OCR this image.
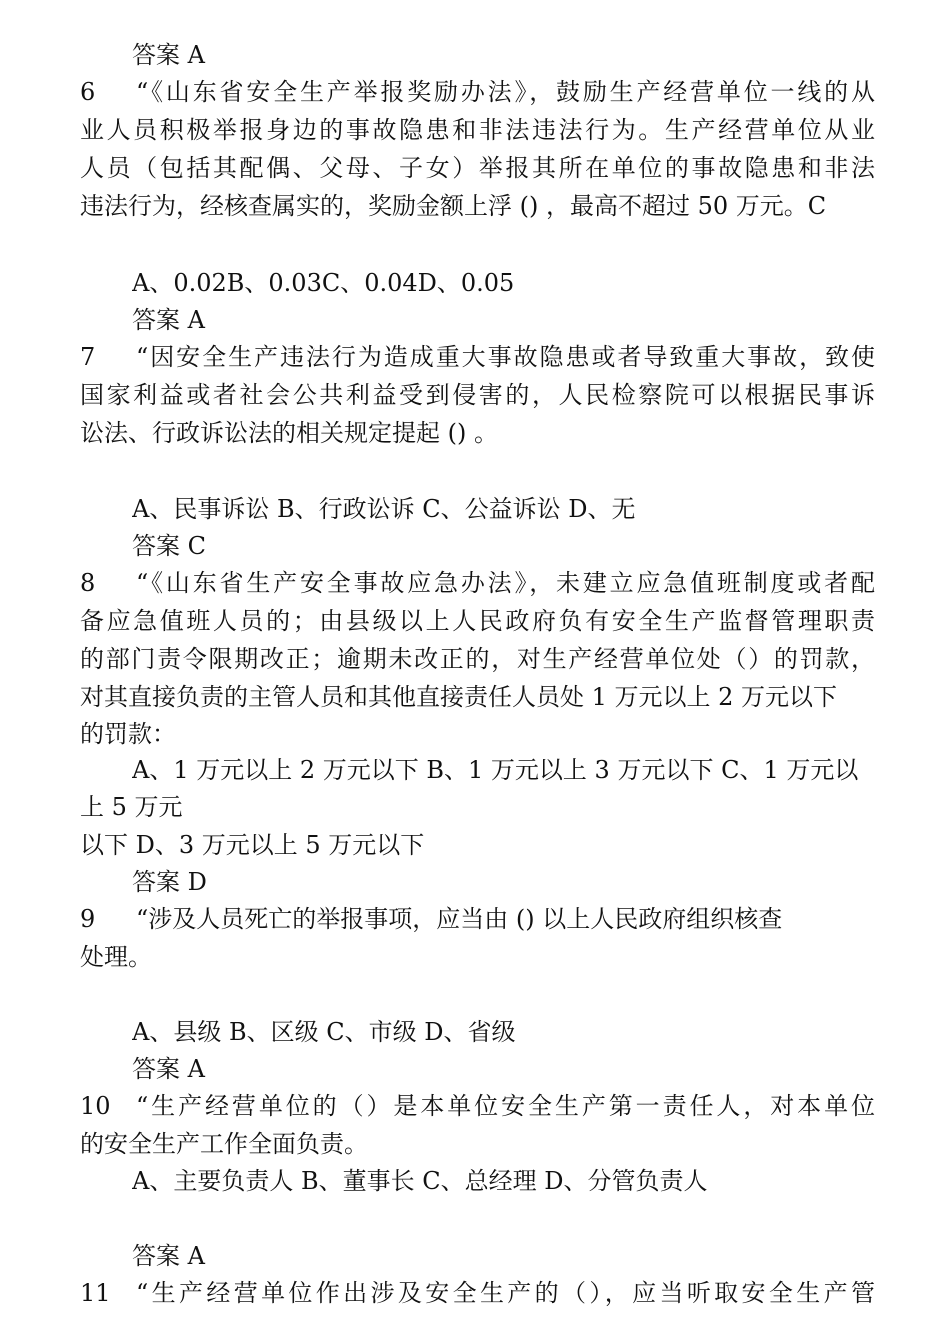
答案 A
6 “《山东省安全生产举报奖励办法》，鼓励生产经营单位一线的从
业人员积极举报身边的事故隐患和非法违法行为。生产经营单位从业
人员（包括其配偶、父母、子女）举报其所在单位的事故隐患和非法
违法行为，经核查属实的，奖励金额上浮 () ，最高不超过 50 万元。C
A、0.02B、0.03C、0.04D、0.05
答案 A
7 “因安全生产违法行为造成重大事故隐患或者导致重大事故，致使
国家利益或者社会公共利益受到侵害的，人民检察院可以根据民事诉
讼法、行政诉讼法的相关规定提起 () 。
A、民事诉讼 B、行政讼诉 C、公益诉讼 D、无
答案 C
8 “《山东省生产安全事故应急办法》，未建立应急值班制度或者配
备应急值班人员的；由县级以上人民政府负有安全生产监督管理职责
的部门责令限期改正；逾期未改正的，对生产经营单位处（）的罚款，
对其直接负责的主管人员和其他直接责任人员处 1 万元以上 2 万元以下
的罚款：
A、1 万元以上 2 万元以下 B、1 万元以上 3 万元以下 C、1 万元以
上 5 万元
以下 D、3 万元以上 5 万元以下
答案 D
9 “涉及人员死亡的举报事项，应当由 () 以上人民政府组织核查
处理。
A、县级 B、区级 C、市级 D、省级
答案 A
10 “生产经营单位的（）是本单位安全生产第一责任人，对本单位
的安全生产工作全面负责。
A、主要负责人 B、董事长 C、总经理 D、分管负责人
答案 A
11 “生产经营单位作出涉及安全生产的（），应当听取安全生产管
